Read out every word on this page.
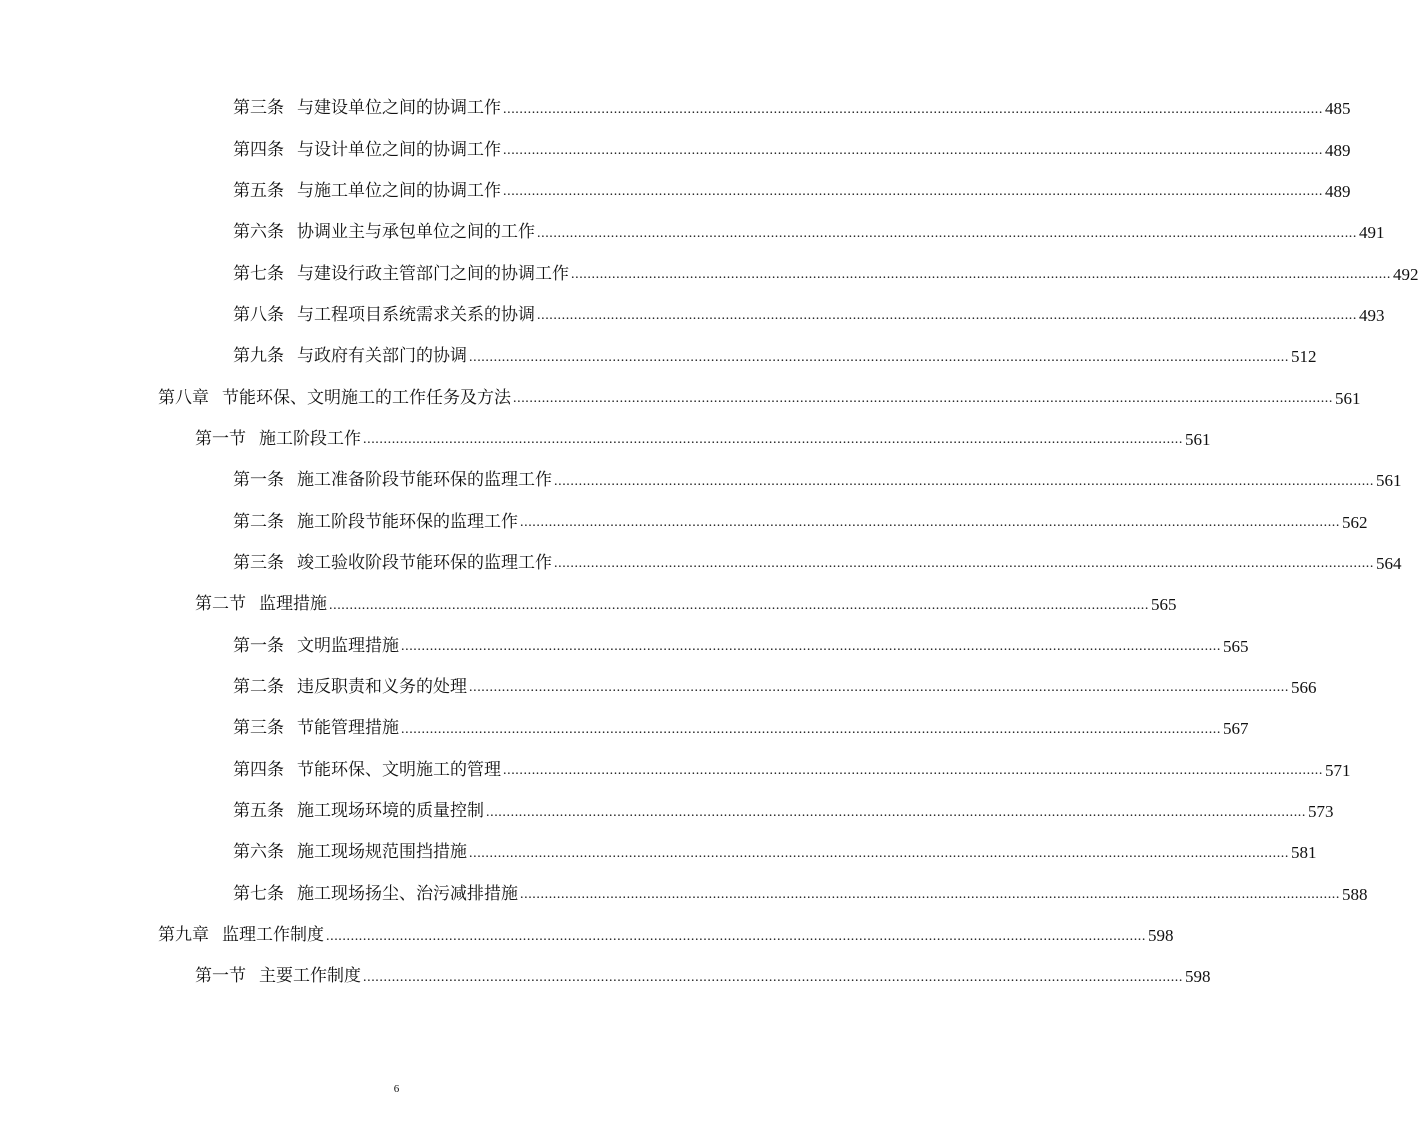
第三条 与建设单位之间的协调工作 ........................................................................................................................................................................................................ 485
第四条 与设计单位之间的协调工作 ........................................................................................................................................................................................................ 489
第五条 与施工单位之间的协调工作 ........................................................................................................................................................................................................ 489
第六条 协调业主与承包单位之间的工作 ........................................................................................................................................................................................................ 491
第七条 与建设行政主管部门之间的协调工作 ........................................................................................................................................................................................................ 492
第八条 与工程项目系统需求关系的协调 ........................................................................................................................................................................................................ 493
第九条 与政府有关部门的协调 ........................................................................................................................................................................................................ 512
第八章 节能环保、文明施工的工作任务及方法 ........................................................................................................................................................................................................ 561
第一节 施工阶段工作 ........................................................................................................................................................................................................ 561
第一条 施工准备阶段节能环保的监理工作 ........................................................................................................................................................................................................ 561
第二条 施工阶段节能环保的监理工作 ........................................................................................................................................................................................................ 562
第三条 竣工验收阶段节能环保的监理工作 ........................................................................................................................................................................................................ 564
第二节 监理措施 ........................................................................................................................................................................................................ 565
第一条 文明监理措施 ........................................................................................................................................................................................................ 565
第二条 违反职责和义务的处理 ........................................................................................................................................................................................................ 566
第三条 节能管理措施 ........................................................................................................................................................................................................ 567
第四条 节能环保、文明施工的管理 ........................................................................................................................................................................................................ 571
第五条 施工现场环境的质量控制 ........................................................................................................................................................................................................ 573
第六条 施工现场规范围挡措施 ........................................................................................................................................................................................................ 581
第七条 施工现场扬尘、治污减排措施 ........................................................................................................................................................................................................ 588
第九章 监理工作制度 ........................................................................................................................................................................................................ 598
第一节 主要工作制度 ........................................................................................................................................................................................................ 598
6
